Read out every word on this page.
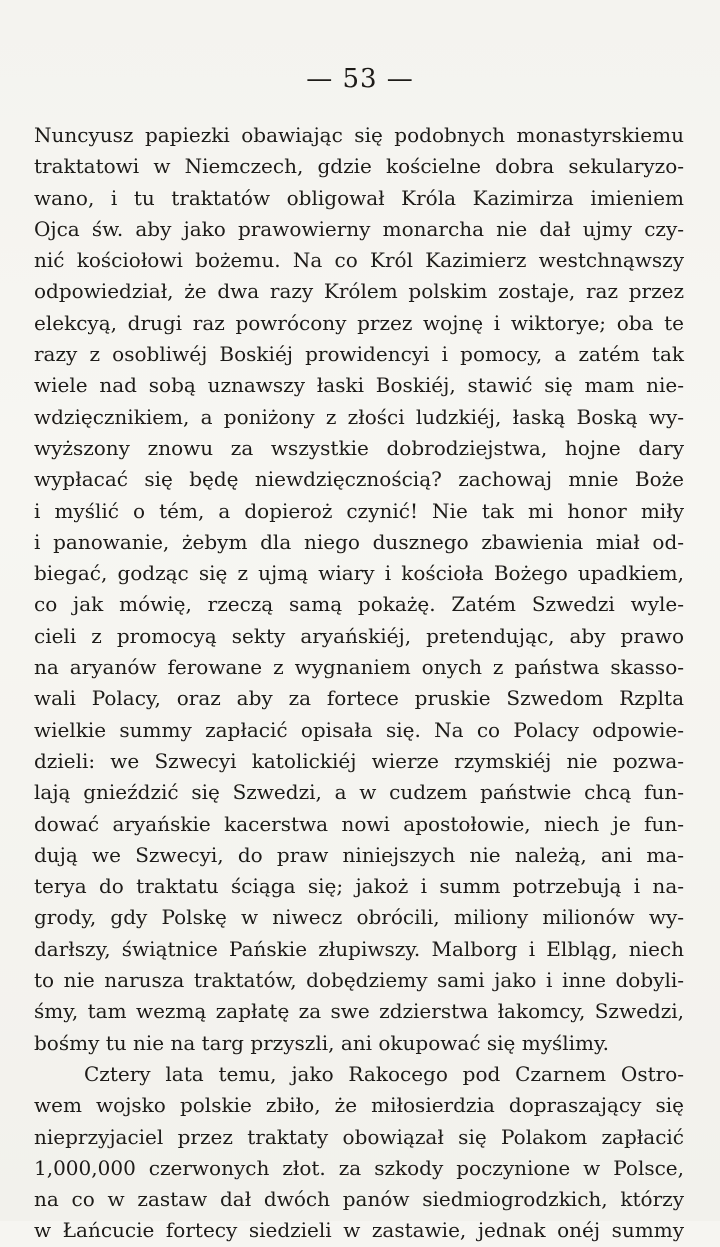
— 53 —
Nuncyusz papiezki obawiając się podobnych monastyrskiemu
traktatowi w Niemczech, gdzie kościelne dobra sekularyzo-
wano, i tu traktatów obligował Króla Kazimirza imieniem
Ojca św. aby jako prawowierny monarcha nie dał ujmy czy-
nić kościołowi bożemu. Na co Król Kazimierz westchnąwszy
odpowiedział, że dwa razy Królem polskim zostaje, raz przez
elekcyą, drugi raz powrócony przez wojnę i wiktorye; oba te
razy z osobliwéj Boskiéj prowidencyi i pomocy, a zatém tak
wiele nad sobą uznawszy łaski Boskiéj, stawić się mam nie-
wdzięcznikiem, a poniżony z złości ludzkiéj, łaską Boską wy-
wyższony znowu za wszystkie dobrodziejstwa, hojne dary
wypłacać się będę niewdzięcznością? zachowaj mnie Boże
i myślić o tém, a dopieroż czynić! Nie tak mi honor miły
i panowanie, żebym dla niego dusznego zbawienia miał od-
biegać, godząc się z ujmą wiary i kościoła Bożego upadkiem,
co jak mówię, rzeczą samą pokażę. Zatém Szwedzi wyle-
cieli z promocyą sekty aryańskiéj, pretendując, aby prawo
na aryanów ferowane z wygnaniem onych z państwa skasso-
wali Polacy, oraz aby za fortece pruskie Szwedom Rzplta
wielkie summy zapłacić opisała się. Na co Polacy odpowie-
dzieli: we Szwecyi katolickiéj wierze rzymskiéj nie pozwa-
lają gnieździć się Szwedzi, a w cudzem państwie chcą fun-
dować aryańskie kacerstwa nowi apostołowie, niech je fun-
dują we Szwecyi, do praw niniejszych nie należą, ani ma-
terya do traktatu ściąga się; jakoż i summ potrzebują i na-
grody, gdy Polskę w niwecz obrócili, miliony milionów wy-
darłszy, świątnice Pańskie złupiwszy. Malborg i Elbląg, niech
to nie narusza traktatów, dobędziemy sami jako i inne dobyli-
śmy, tam wezmą zapłatę za swe zdzierstwa łakomcy, Szwedzi,
bośmy tu nie na targ przyszli, ani okupować się myślimy.
Cztery lata temu, jako Rakocego pod Czarnem Ostro-
wem wojsko polskie zbiło, że miłosierdzia dopraszający się
nieprzyjaciel przez traktaty obowiązał się Polakom zapłacić
1,000,000 czerwonych złot. za szkody poczynione w Polsce,
na co w zastaw dał dwóch panów siedmiogrodzkich, którzy
w Łańcucie fortecy siedzieli w zastawie, jednak onéj summy
